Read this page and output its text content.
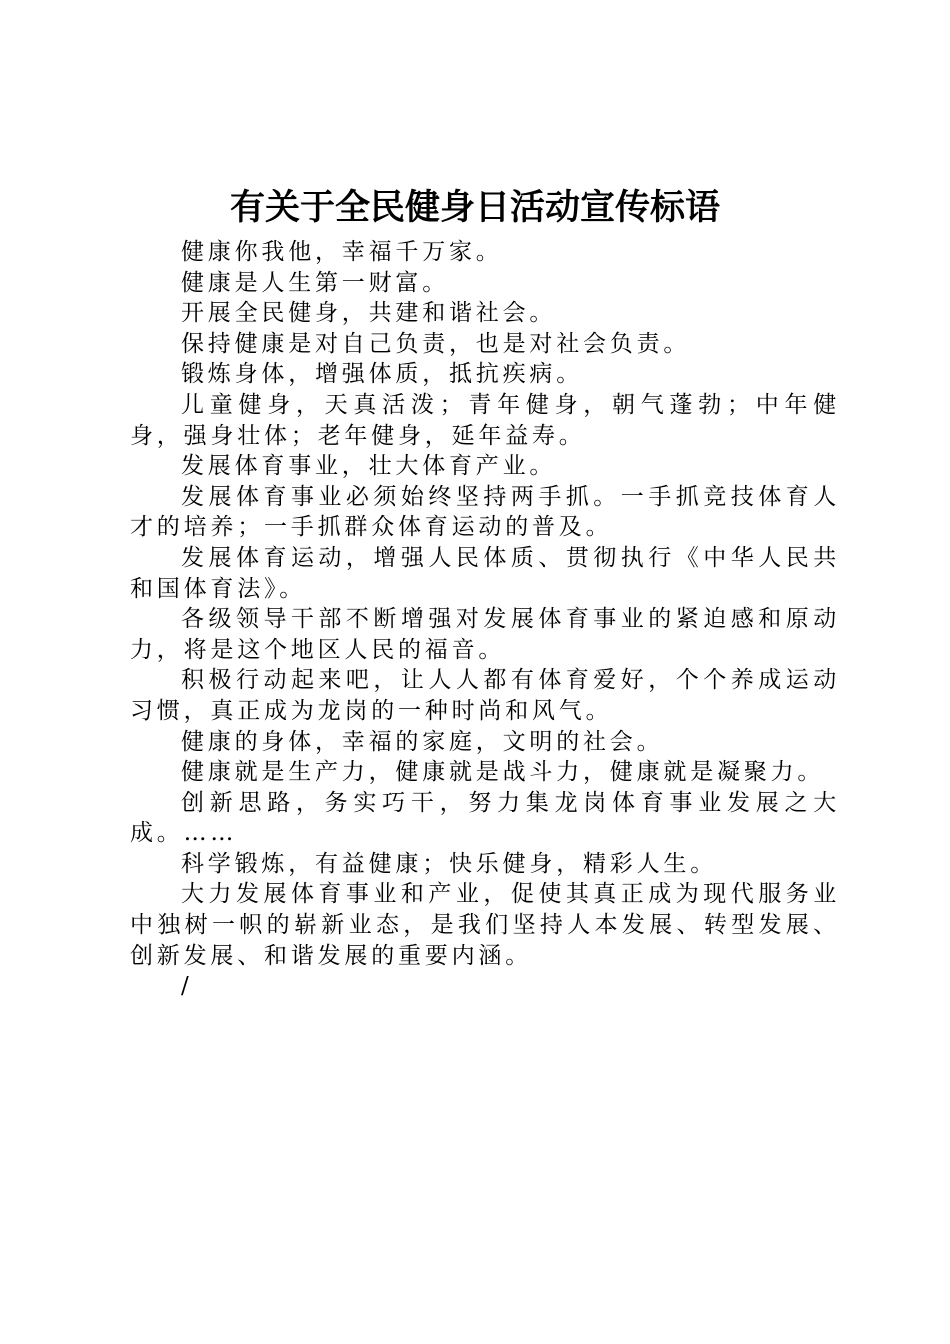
有关于全民健身日活动宣传标语

健康你我他，幸福千万家。

健康是人生第一财富。

开展全民健身，共建和谐社会。

保持健康是对自己负责，也是对社会负责。

锻炼身体，增强体质，抵抗疾病。

儿童健身，天真活泼；青年健身，朝气蓬勃；中年健身，强身壮体；老年健身，延年益寿。

发展体育事业，壮大体育产业。

发展体育事业必须始终坚持两手抓。一手抓竞技体育人才的培养；一手抓群众体育运动的普及。

发展体育运动，增强人民体质、贯彻执行《中华人民共和国体育法》。

各级领导干部不断增强对发展体育事业的紧迫感和原动力，将是这个地区人民的福音。

积极行动起来吧，让人人都有体育爱好，个个养成运动习惯，真正成为龙岗的一种时尚和风气。

健康的身体，幸福的家庭，文明的社会。

健康就是生产力，健康就是战斗力，健康就是凝聚力。

创新思路，务实巧干，努力集龙岗体育事业发展之大成。……

科学锻炼，有益健康；快乐健身，精彩人生。

大力发展体育事业和产业，促使其真正成为现代服务业中独树一帜的崭新业态，是我们坚持人本发展、转型发展、创新发展、和谐发展的重要内涵。

/
